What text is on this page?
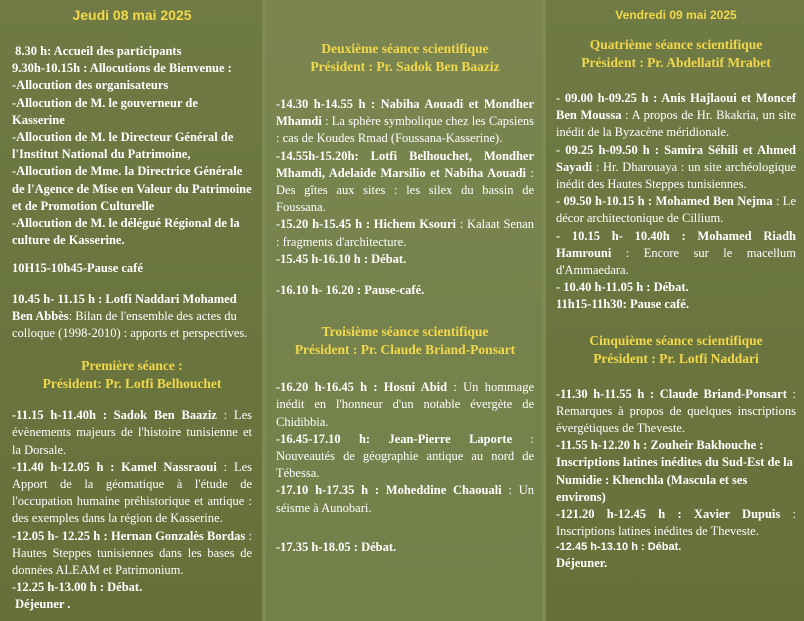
Jeudi 08 mai 2025

8.30 h: Accueil des participants

9.30h-10.15h : Allocutions de Bienvenue :

-Allocution des organisateurs

-Allocution de M. le gouverneur de Kasserine

-Allocution de M. le Directeur Général de l'Institut National du Patrimoine,

-Allocution de Mme. la Directrice Générale de l'Agence de Mise en Valeur du Patrimoine et de Promotion Culturelle

-Allocution de M. le délégué Régional de la culture de Kasserine.

10H15-10h45-Pause café

10.45 h- 11.15 h : Lotfi Naddari Mohamed Ben Abbès: Bilan de l'ensemble des actes du colloque (1998-2010) : apports et perspectives.

Première séance :
Président: Pr. Lotfi Belhouchet

-11.15 h-11.40h : Sadok Ben Baaziz : Les évènements majeurs de l'histoire tunisienne et la Dorsale.

-11.40 h-12.05 h : Kamel Nassraoui : Les Apport de la géomatique à l'étude de l'occupation humaine préhistorique et antique : des exemples dans la région de Kasserine.

-12.05 h- 12.25 h : Hernan Gonzalès Bordas : Hautes Steppes tunisiennes dans les bases de données ALEAM et Patrimonium.

-12.25 h-13.00 h : Débat.

Déjeuner .

Deuxième séance scientifique
Président : Pr. Sadok Ben Baaziz

-14.30 h-14.55 h : Nabiha Aouadi et Mondher Mhamdi : La sphère symbolique chez les Capsiens : cas de Koudes Rmad (Foussana-Kasserine).

-14.55h-15.20h: Lotfi Belhouchet, Mondher Mhamdi, Adelaide Marsilio et Nabiha Aouadi : Des gîtes aux sites : les silex du bassin de Foussana.

-15.20 h-15.45 h : Hichem Ksouri : Kalaat Senan : fragments d'architecture.

-15.45 h-16.10 h : Débat.

-16.10 h- 16.20 : Pause-café.

Troisième séance scientifique
Président : Pr. Claude Briand-Ponsart

-16.20 h-16.45 h : Hosni Abid : Un hommage inédit en l'honneur d'un notable évergète de Chidibbia.

-16.45-17.10 h: Jean-Pierre Laporte : Nouveautés de géographie antique au nord de Tébessa.

-17.10 h-17.35 h : Moheddine Chaouali : Un séisme à Aunobari.

-17.35 h-18.05 : Débat.

Vendredi 09 mai 2025
Quatrième séance scientifique
Président : Pr. Abdellatif Mrabet

- 09.00 h-09.25 h : Anis Hajlaoui et Moncef Ben Moussa : A propos de Hr. Bkakria, un site inédit de la Byzacène méridionale.

- 09.25 h-09.50 h : Samira Séhili et Ahmed Sayadi : Hr. Dharouaya : un site archéologique inédit des Hautes Steppes tunisiennes.

- 09.50 h-10.15 h : Mohamed Ben Nejma : Le décor architectonique de Cillium.

- 10.15 h- 10.40h : Mohamed Riadh Hamrouni : Encore sur le macellum d'Ammaedara.

- 10.40 h-11.05 h : Débat.

11h15-11h30: Pause café.

Cinquième séance scientifique
Président : Pr. Lotfi Naddari

-11.30 h-11.55 h : Claude Briand-Ponsart : Remarques à propos de quelques inscriptions évergétiques de Theveste.

-11.55 h-12.20 h : Zouheir Bakhouche : Inscriptions latines inédites du Sud-Est de la Numidie : Khenchla (Mascula et ses environs)

-121.20 h-12.45 h : Xavier Dupuis : Inscriptions latines inédites de Theveste.

-12.45 h-13.10 h : Débat.

Déjeuner.
